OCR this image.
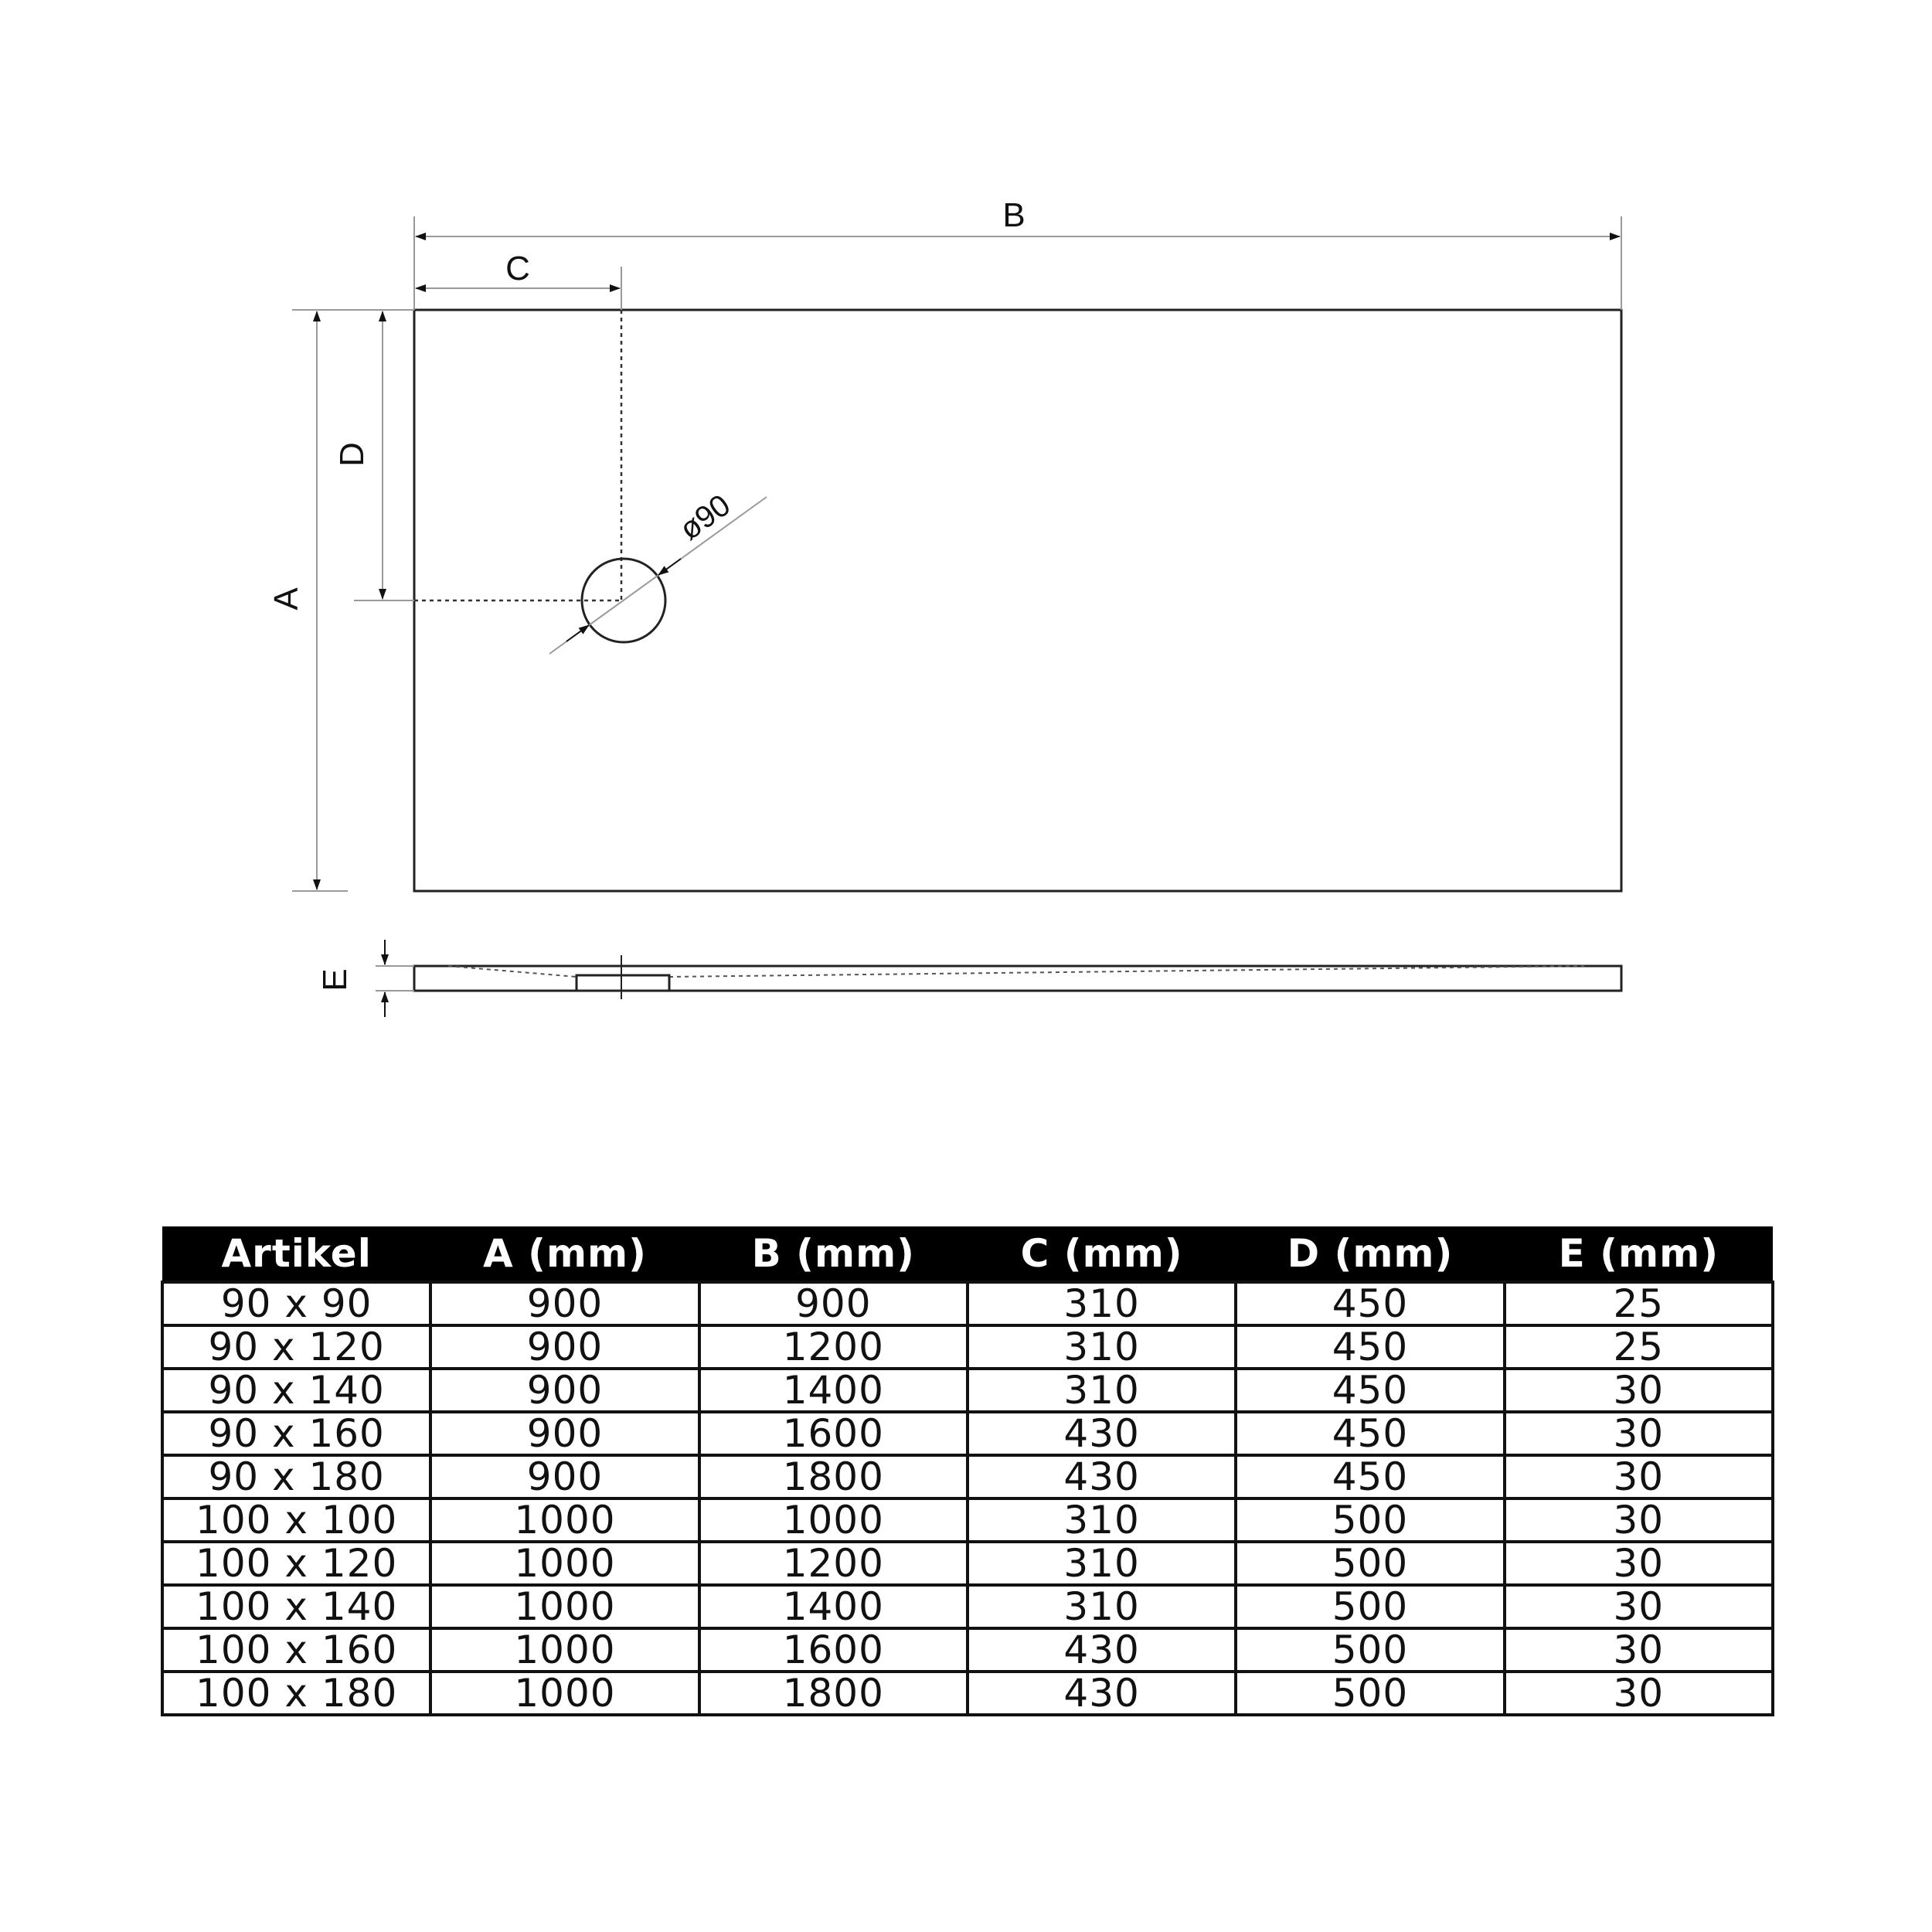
B
C
ø90
A
D
E
Artikel	A (mm)	B (mm)	C (mm)	D (mm)	E (mm)
90 x 90	900	900	310	450	25
90 x 120	900	1200	310	450	25
90 x 140	900	1400	310	450	30
90 x 160	900	1600	430	450	30
90 x 180	900	1800	430	450	30
100 x 100	1000	1000	310	500	30
100 x 120	1000	1200	310	500	30
100 x 140	1000	1400	310	500	30
100 x 160	1000	1600	430	500	30
100 x 180	1000	1800	430	500	30
